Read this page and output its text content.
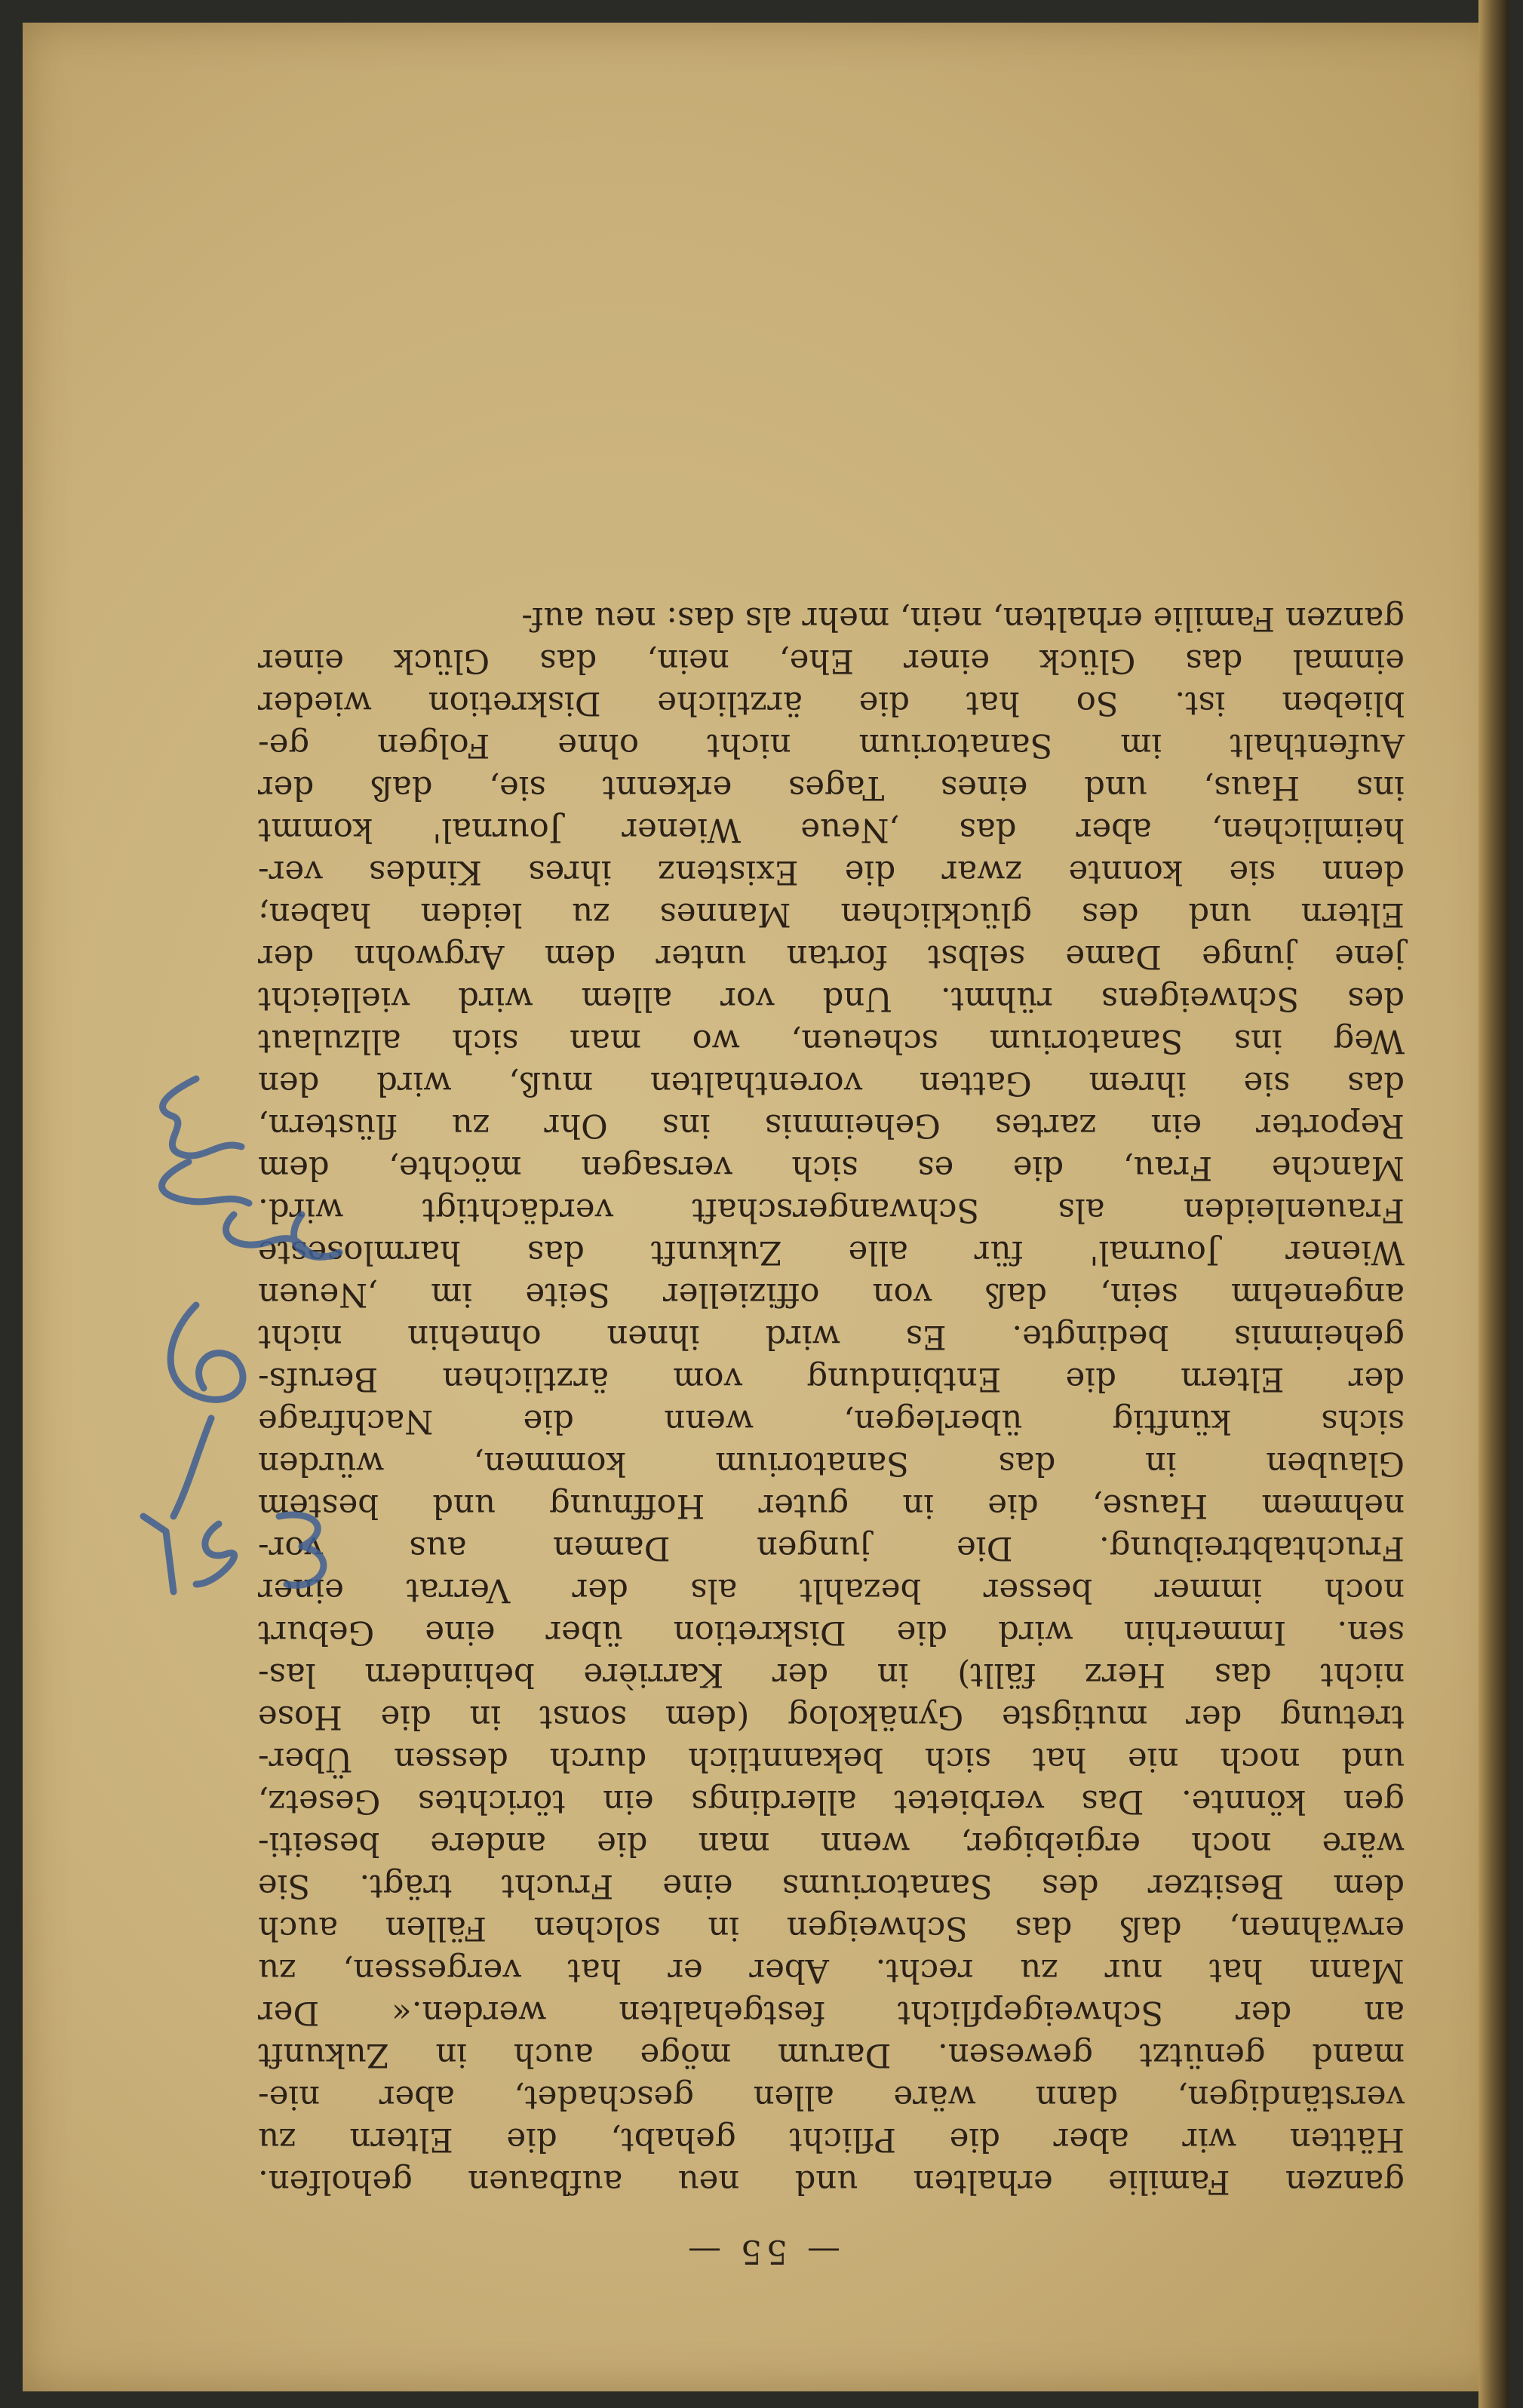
— 55 —
ganzen Familie erhalten und neu aufbauen geholfen.
Hätten wir aber die Pflicht gehabt, die Eltern zu
verständigen, dann wäre allen geschadet, aber nie-
mand genützt gewesen. Darum möge auch in Zukunft
an der Schweigepflicht festgehalten werden.« Der
Mann hat nur zu recht. Aber er hat vergessen, zu
erwähnen, daß das Schweigen in solchen Fällen auch
dem Besitzer des Sanatoriums eine Frucht trägt. Sie
wäre noch ergiebiger, wenn man die andere beseiti-
gen könnte. Das verbietet allerdings ein törichtes Gesetz,
und noch nie hat sich bekanntlich durch dessen Über-
tretung der mutigste Gynäkolog (dem sonst in die Hose
nicht das Herz fällt) in der Karrière behindern las-
sen. Immerhin wird die Diskretion über eine Geburt
noch immer besser bezahlt als der Verrat einer
Fruchtabtreibung. Die jungen Damen aus vor-
nehmem Hause, die in guter Hoffnung und bestem
Glauben in das Sanatorium kommen, würden
sichs künftig überlegen, wenn die Nachfrage
der Eltern die Entbindung vom ärztlichen Berufs-
geheimnis bedingte. Es wird ihnen ohnehin nicht
angenehm sein, daß von offizieller Seite im ‚Neuen
Wiener Journal' für alle Zukunft das harmloseste
Frauenleiden als Schwangerschaft verdächtigt wird.
Manche Frau, die es sich versagen möchte, dem
Reporter ein zartes Geheimnis ins Ohr zu flüstern,
das sie ihrem Gatten vorenthalten muß, wird den
Weg ins Sanatorium scheuen, wo man sich allzulaut
des Schweigens rühmt. Und vor allem wird vielleicht
jene junge Dame selbst fortan unter dem Argwohn der
Eltern und des glücklichen Mannes zu leiden haben;
denn sie konnte zwar die Existenz ihres Kindes ver-
heimlichen, aber das ‚Neue Wiener Journal' kommt
ins Haus, und eines Tages erkennt sie, daß der
Aufenthalt im Sanatorium nicht ohne Folgen ge-
blieben ist. So hat die ärztliche Diskretion wieder
einmal das Glück einer Ehe, nein, das Glück einer
ganzen Familie erhalten, nein, mehr als das: neu auf-
